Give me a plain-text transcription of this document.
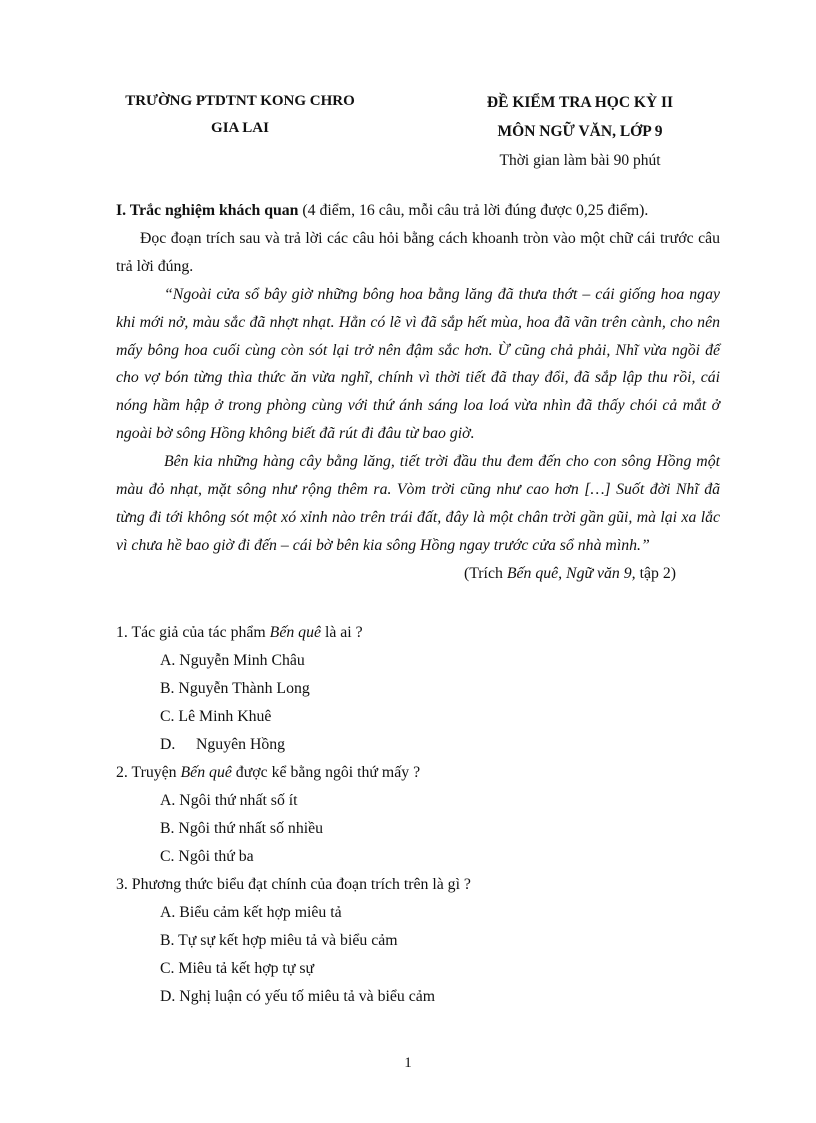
TRƯỜNG PTDTNT KONG CHRO
GIA LAI
ĐỀ KIỂM TRA HỌC KỲ II
MÔN NGỮ VĂN, LỚP 9
Thời gian làm bài 90 phút

I. Trắc nghiệm khách quan (4 điểm, 16 câu, mỗi câu trả lời đúng được 0,25 điểm).

Đọc đoạn trích sau và trả lời các câu hỏi bằng cách khoanh tròn vào một chữ cái trước câu trả lời đúng.

“Ngoài cửa sổ bây giờ những bông hoa bằng lăng đã thưa thớt – cái giống hoa ngay khi mới nở, màu sắc đã nhợt nhạt. Hẳn có lẽ vì đã sắp hết mùa, hoa đã vãn trên cành, cho nên mấy bông hoa cuối cùng còn sót lại trở nên đậm sắc hơn. Ừ cũng chả phải, Nhĩ vừa ngồi để cho vợ bón từng thìa thức ăn vừa nghĩ, chính vì thời tiết đã thay đổi, đã sắp lập thu rồi, cái nóng hầm hập ở trong phòng cùng với thứ ánh sáng loa loá vừa nhìn đã thấy chói cả mắt ở ngoài bờ sông Hồng không biết đã rút đi đâu từ bao giờ.

Bên kia những hàng cây bằng lăng, tiết trời đầu thu đem đến cho con sông Hồng một màu đỏ nhạt, mặt sông như rộng thêm ra. Vòm trời cũng như cao hơn […] Suốt đời Nhĩ đã từng đi tới không sót một xó xỉnh nào trên trái đất, đây là một chân trời gần gũi, mà lại xa lắc vì chưa hề bao giờ đi đến – cái bờ bên kia sông Hồng ngay trước cửa sổ nhà mình.”

(Trích Bến quê, Ngữ văn 9, tập 2)

1. Tác giả của tác phẩm Bến quê là ai ?

A. Nguyễn Minh Châu

B. Nguyễn Thành Long

C. Lê Minh Khuê

D. Nguyên Hồng

2. Truyện Bến quê được kể bằng ngôi thứ mấy ?

A. Ngôi thứ nhất số ít

B. Ngôi thứ nhất số nhiều

C. Ngôi thứ ba

3. Phương thức biểu đạt chính của đoạn trích trên là gì ?

A. Biểu cảm kết hợp miêu tả

B. Tự sự kết hợp miêu tả và biểu cảm

C. Miêu tả kết hợp tự sự

D. Nghị luận có yếu tố miêu tả và biểu cảm

1
